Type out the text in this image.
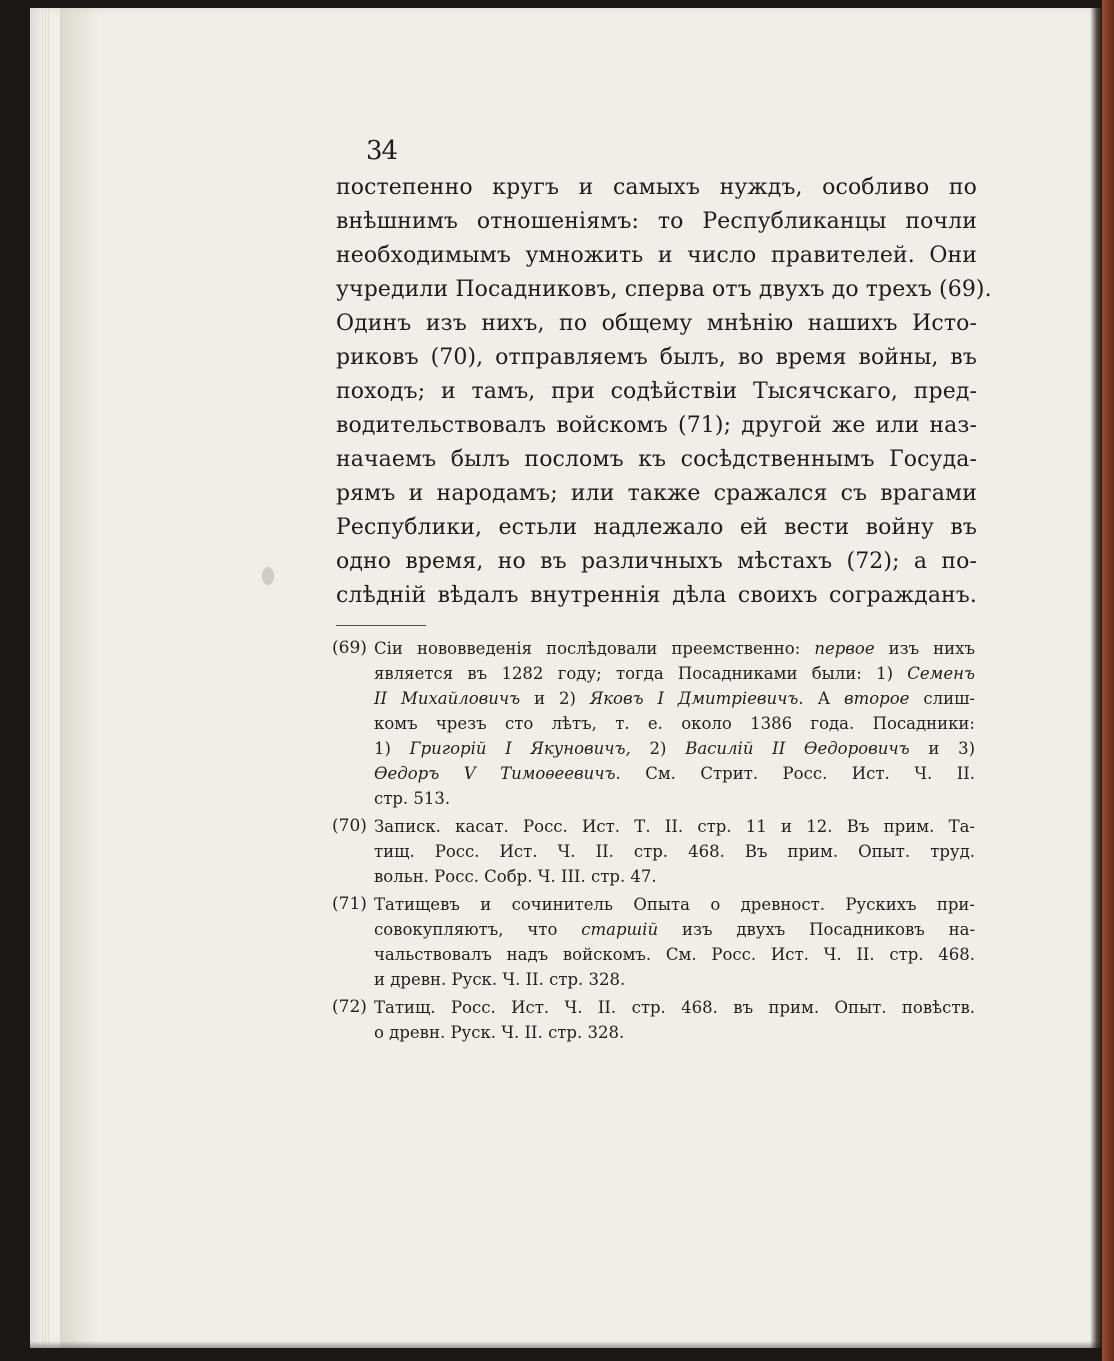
34
постепенно кругъ и самыхъ нуждъ, особливо по
внѣшнимъ отношеніямъ: то Республиканцы почли
необходимымъ умножить и число правителей. Они
учредили Посадниковъ, сперва отъ двухъ до трехъ (69).
Одинъ изъ нихъ, по общему мнѣнію нашихъ Исто-
риковъ (70), отправляемъ былъ, во время войны, въ
походъ; и тамъ, при содѣйствіи Тысячскаго, пред-
водительствовалъ войскомъ (71); другой же или наз-
начаемъ былъ посломъ къ сосѣдственнымъ Госуда-
рямъ и народамъ; или также сражался съ врагами
Республики, естьли надлежало ей вести войну въ
одно время, но въ различныхъ мѣстахъ (72); а по-
слѣдній вѣдалъ внутреннія дѣла своихъ согражданъ.
(69) Сіи нововведенія послѣдовали преемственно: первое изъ нихъ
является въ 1282 году; тогда Посадниками были: 1) Семенъ
II Михайловичъ и 2) Яковъ I Дмитріевичъ. А второе слиш-
комъ чрезъ сто лѣтъ, т. е. около 1386 года. Посадники:
1) Григорій I Якуновичъ, 2) Василій II Ѳедоровичъ и 3)
Ѳедоръ V Тимоѳеевичъ. См. Стрит. Росс. Ист. Ч. II.
стр. 513.
(70) Записк. касат. Росс. Ист. Т. II. стр. 11 и 12. Въ прим. Та-
тищ. Росс. Ист. Ч. II. стр. 468. Въ прим. Опыт. труд.
вольн. Росс. Собр. Ч. III. стр. 47.
(71) Татищевъ и сочинитель Опыта о древност. Рускихъ при-
совокупляютъ, что старшій изъ двухъ Посадниковъ на-
чальствовалъ надъ войскомъ. См. Росс. Ист. Ч. II. стр. 468.
и древн. Руск. Ч. II. стр. 328.
(72) Татищ. Росс. Ист. Ч. II. стр. 468. въ прим. Опыт. повѣств.
о древн. Руск. Ч. II. стр. 328.
